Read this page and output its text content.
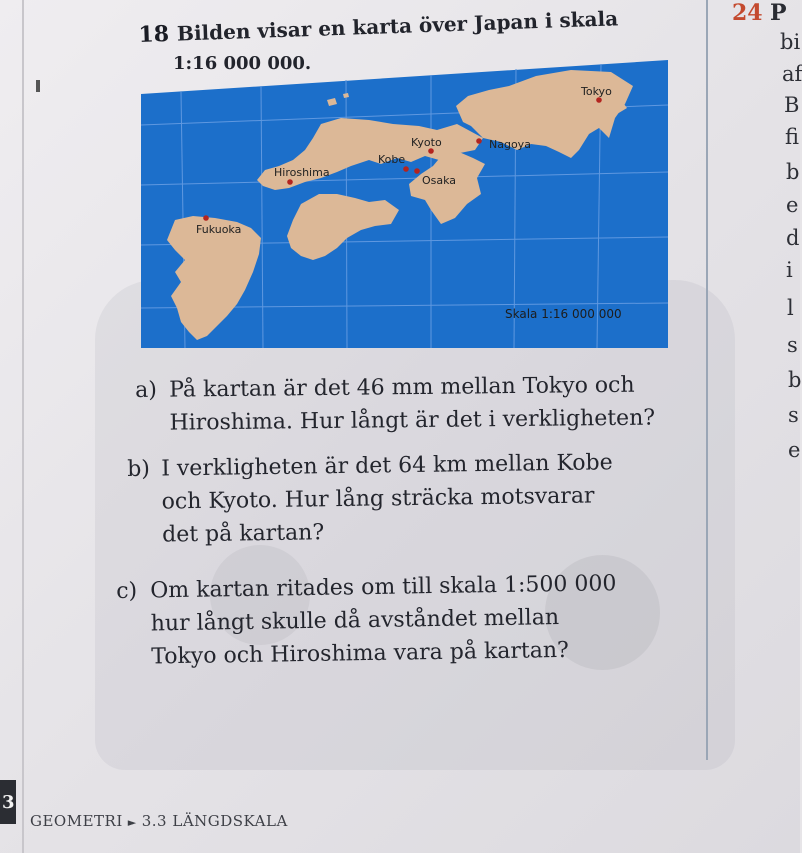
18 Bilden visar en karta över Japan i skala
1:16 000 000.
Tokyo
Kyoto	Nagoya
Kobe
Hiroshima
Osaka
Fukuoka
Skala 1:16 000 000
a) På kartan är det 46 mm mellan Tokyo och
Hiroshima. Hur långt är det i verkligheten?
b) I verkligheten är det 64 km mellan Kobe
och Kyoto. Hur lång sträcka motsvarar
det på kartan?
c) Om kartan ritades om till skala 1:500 000
hur långt skulle då avståndet mellan
Tokyo och Hiroshima vara på kartan?
24 P
bi
af
B
fi
b
e
d
i
l
s
b
s
e
3
GEOMETRI ► 3.3 LÄNGDSKALA
